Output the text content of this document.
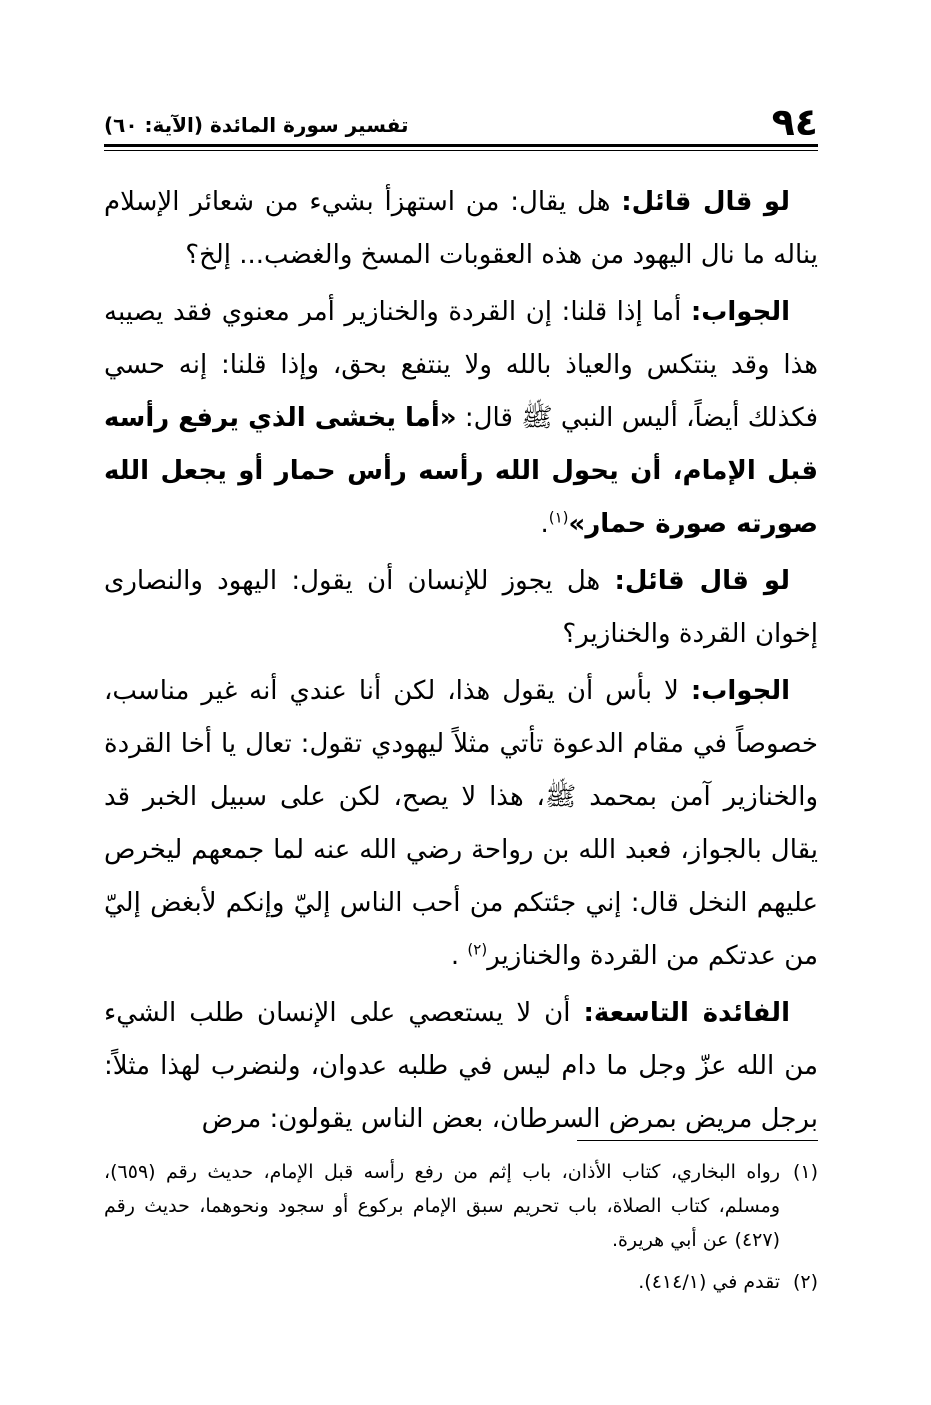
٩٤
تفسير سورة المائدة (الآية: ٦٠)

لو قال قائل: هل يقال: من استهزأ بشيء من شعائر الإسلام يناله ما نال اليهود من هذه العقوبات المسخ والغضب... إلخ؟

الجواب: أما إذا قلنا: إن القردة والخنازير أمر معنوي فقد يصيبه هذا وقد ينتكس والعياذ بالله ولا ينتفع بحق، وإذا قلنا: إنه حسي فكذلك أيضاً، أليس النبي ﷺ قال: «أما يخشى الذي يرفع رأسه قبل الإمام، أن يحول الله رأسه رأس حمار أو يجعل الله صورته صورة حمار»$^{(١)}$.

لو قال قائل: هل يجوز للإنسان أن يقول: اليهود والنصارى إخوان القردة والخنازير؟

الجواب: لا بأس أن يقول هذا، لكن أنا عندي أنه غير مناسب، خصوصاً في مقام الدعوة تأتي مثلاً ليهودي تقول: تعال يا أخا القردة والخنازير آمن بمحمد ﷺ، هذا لا يصح، لكن على سبيل الخبر قد يقال بالجواز، فعبد الله بن رواحة رضي الله عنه لما جمعهم ليخرص عليهم النخل قال: إني جئتكم من أحب الناس إليّ وإنكم لأبغض إليّ من عدتكم من القردة والخنازير$^{(٢)}$ .

الفائدة التاسعة: أن لا يستعصي على الإنسان طلب الشيء من الله عزّ وجل ما دام ليس في طلبه عدوان، ولنضرب لهذا مثلاً: برجل مريض بمرض السرطان، بعض الناس يقولون: مرض

(١)
رواه البخاري، كتاب الأذان، باب إثم من رفع رأسه قبل الإمام، حديث رقم (٦٥٩)، ومسلم، كتاب الصلاة، باب تحريم سبق الإمام بركوع أو سجود ونحوهما، حديث رقم (٤٢٧) عن أبي هريرة.
(٢)
تقدم في (٤١٤/١).
